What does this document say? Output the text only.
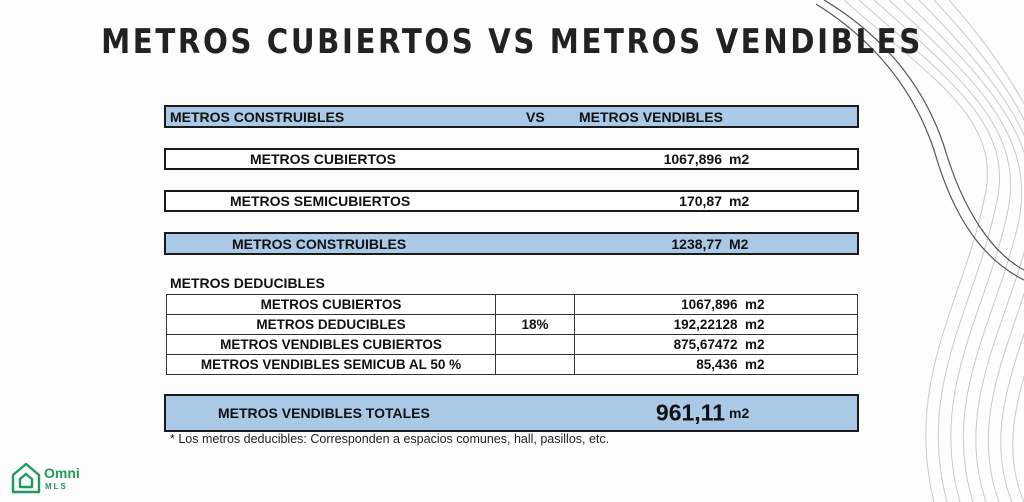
METROS CUBIERTOS VS METROS VENDIBLES
METROS CONSTRUIBLES	VS METROS VENDIBLES
METROS CUBIERTOS	1067,896 m2
METROS SEMICUBIERTOS	170,87 m2
METROS CONSTRUIBLES	1238,77 M2
METROS DEDUCIBLES
METROS CUBIERTOS		1067,896 m2

METROS DEDUCIBLES	18%	192,22128 m2

METROS VENDIBLES CUBIERTOS		875,67472 m2

METROS VENDIBLES SEMICUB AL 50 %		85,436 m2
METROS VENDIBLES TOTALES	961,11 m2
* Los metros deducibles: Corresponden a espacios comunes, hall, pasillos, etc.
Omni
MLS
